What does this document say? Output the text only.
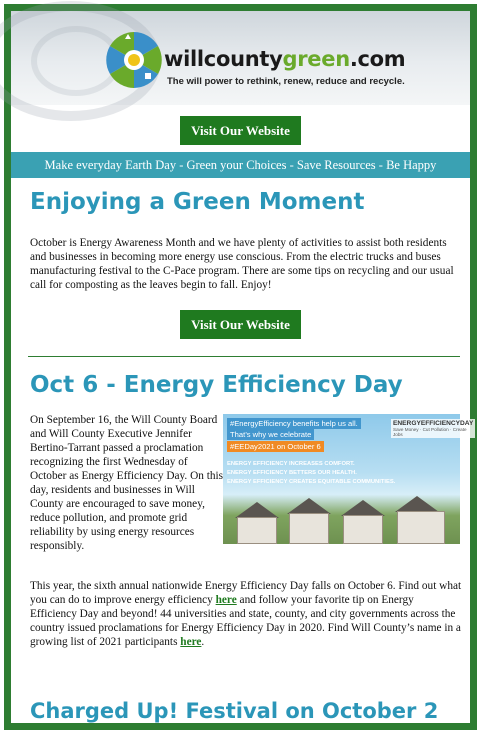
willcountygreen.com
The will power to rethink, renew, reduce and recycle.
Visit Our Website
Make everyday Earth Day - Green your Choices - Save Resources - Be Happy
Enjoying a Green Moment
October is Energy Awareness Month and we have plenty of activities to assist both residents and businesses in becoming more energy use conscious. From the electric trucks and buses manufacturing festival to the C-Pace program. There are some tips on recycling and our usual call for composting as the leaves begin to fall. Enjoy!
Visit Our Website
Oct 6 - Energy Efficiency Day
On September 16, the Will County Board and Will County Executive Jennifer Bertino-Tarrant passed a proclamation recognizing the first Wednesday of October as Energy Efficiency Day. On this day, residents and businesses in Will County are encouraged to save money, reduce pollution, and promote grid reliability by using energy resources responsibly.
#EnergyEfficiency benefits help us all.
That’s why we celebrate
#EEDay2021 on October 6
ENERGYEFFICIENCYDAY
Save Money · Cut Pollution · Create Jobs
ENERGY EFFICIENCY INCREASES COMFORT.
ENERGY EFFICIENCY BETTERS OUR HEALTH.
ENERGY EFFICIENCY CREATES EQUITABLE COMMUNITIES.
This year, the sixth annual nationwide Energy Efficiency Day falls on October 6. Find out what you can do to improve energy efficiency here and follow your favorite tip on Energy Efficiency Day and beyond! 44 universities and state, county, and city governments across the country issued proclamations for Energy Efficiency Day in 2020. Find Will County’s name in a growing list of 2021 participants here.
Charged Up! Festival on October 2
